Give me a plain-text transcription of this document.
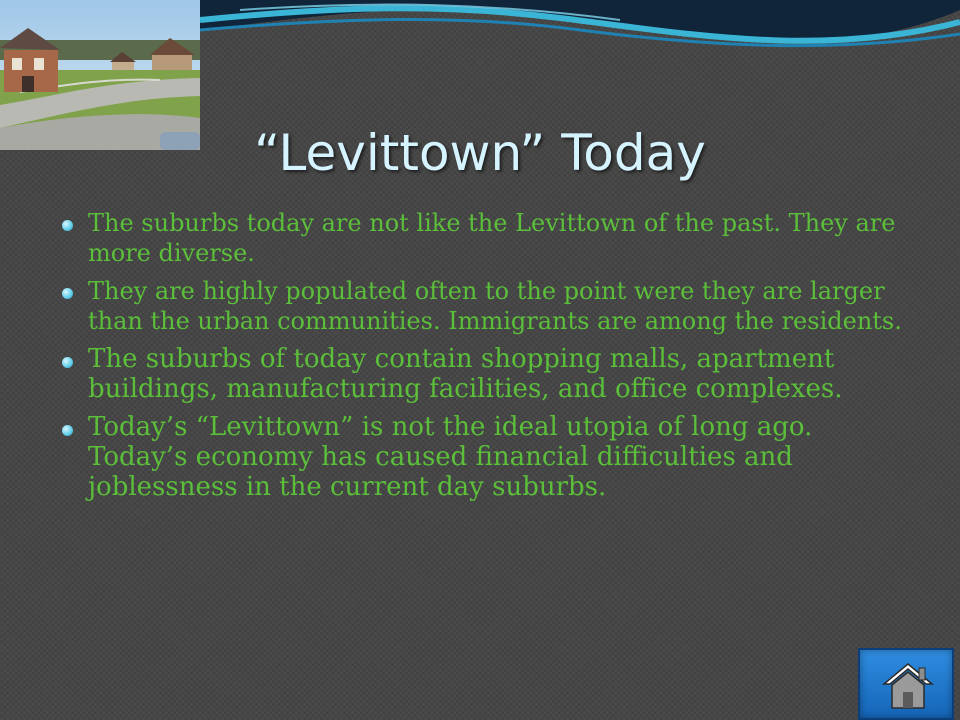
“Levittown” Today
The suburbs today are not like the Levittown of the past. They are more diverse.
They are highly populated often to the point were they are larger than the urban communities. Immigrants are among the residents.
The suburbs of today contain shopping malls, apartment buildings, manufacturing facilities, and office complexes.
Today’s “Levittown” is not the ideal utopia of long ago. Today’s economy has caused financial difficulties and joblessness in the current day suburbs.
